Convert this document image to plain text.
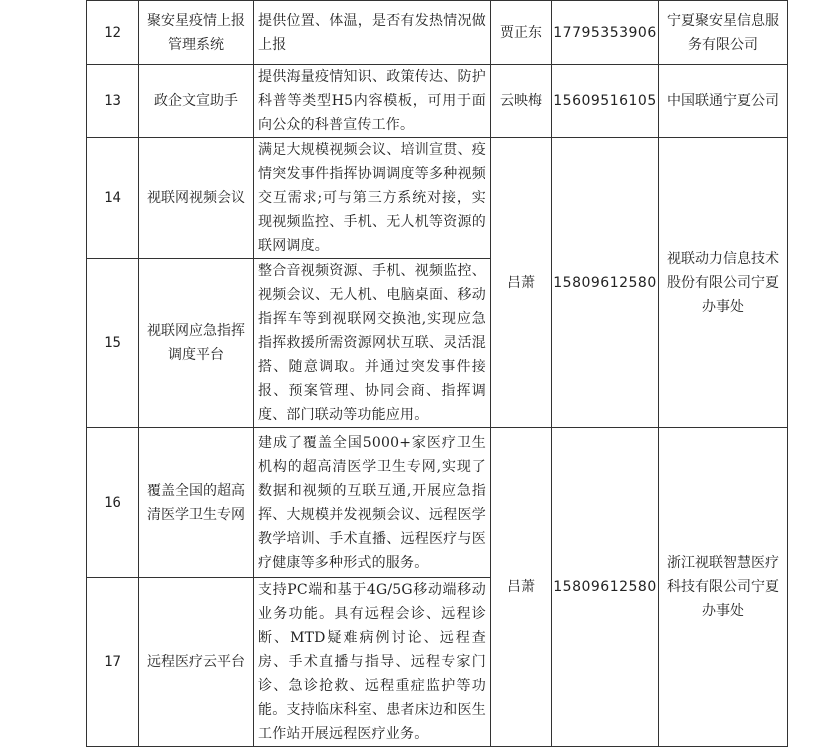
12	聚安星疫情上报管理系统	提供位置、体温，是否有发热情况做上报	贾正东	17795353906	宁夏聚安星信息服务有限公司

13	政企文宣助手	提供海量疫情知识、政策传达、防护科普等类型H5内容模板，可用于面向公众的科普宣传工作。	云映梅	15609516105	中国联通宁夏公司

14	视联网视频会议	满足大规模视频会议、培训宣贯、疫情突发事件指挥协调调度等多种视频交互需求;可与第三方系统对接，实现视频监控、手机、无人机等资源的联网调度。	吕萧	15809612580	视联动力信息技术股份有限公司宁夏办事处

15	视联网应急指挥调度平台	整合音视频资源、手机、视频监控、视频会议、无人机、电脑桌面、移动指挥车等到视联网交换池,实现应急指挥救援所需资源网状互联、灵活混搭、随意调取。并通过突发事件接报、预案管理、协同会商、指挥调度、部门联动等功能应用。			

16	覆盖全国的超高清医学卫生专网	建成了覆盖全国5000+家医疗卫生机构的超高清医学卫生专网,实现了数据和视频的互联互通,开展应急指挥、大规模并发视频会议、远程医学教学培训、手术直播、远程医疗与医疗健康等多种形式的服务。	吕萧	15809612580	浙江视联智慧医疗科技有限公司宁夏办事处

17	远程医疗云平台	支持PC端和基于4G/5G移动端移动业务功能。具有远程会诊、远程诊断、MTD疑难病例讨论、远程查房、手术直播与指导、远程专家门诊、急诊抢救、远程重症监护等功能。支持临床科室、患者床边和医生工作站开展远程医疗业务。			
